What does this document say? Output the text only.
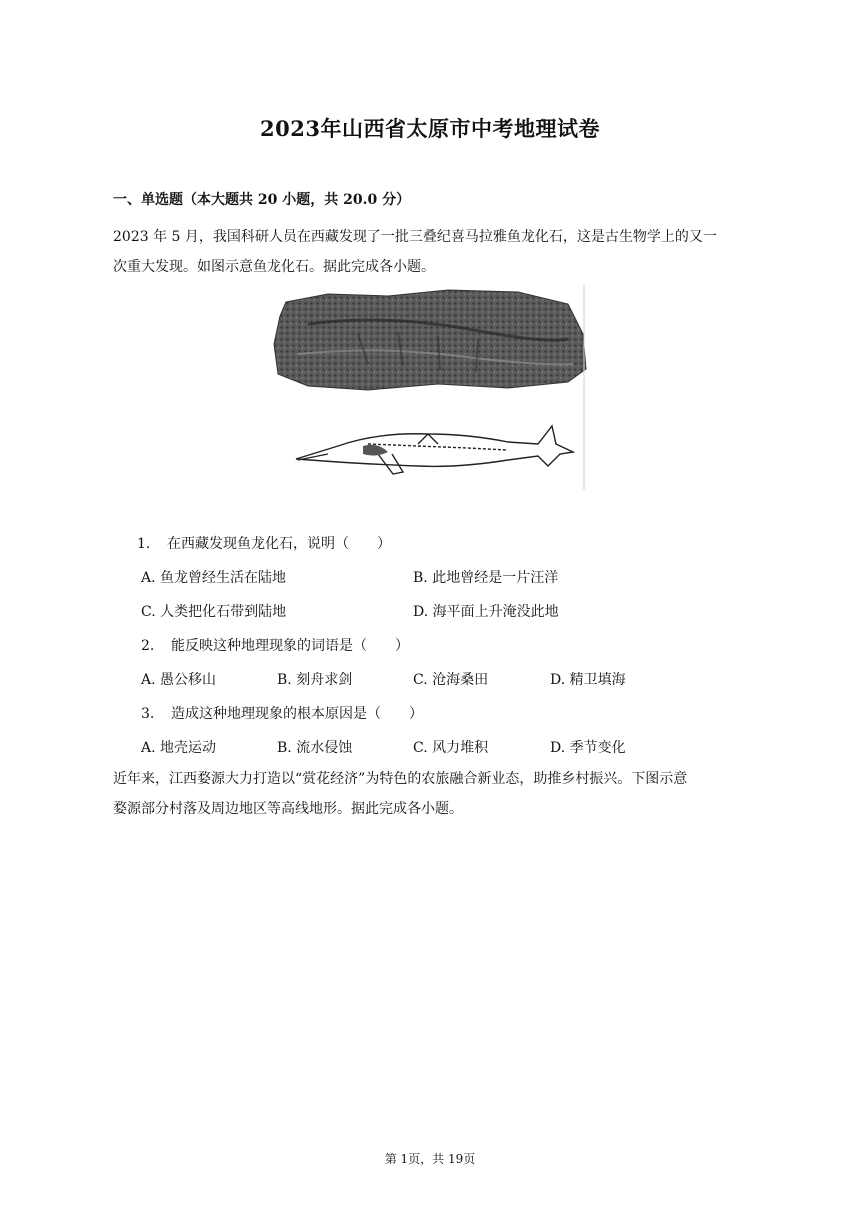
2023年山西省太原市中考地理试卷
一、单选题（本大题共 20 小题，共 20.0 分）
2023 年 5 月，我国科研人员在西藏发现了一批三叠纪喜马拉雅鱼龙化石，这是古生物学上的又一
次重大发现。如图示意鱼龙化石。据此完成各小题。
1. 在西藏发现鱼龙化石，说明（　　）
A. 鱼龙曾经生活在陆地	B. 此地曾经是一片汪洋
C. 人类把化石带到陆地	D. 海平面上升淹没此地
2. 能反映这种地理现象的词语是（　　）
A. 愚公移山	B. 刻舟求剑	C. 沧海桑田	D. 精卫填海
3. 造成这种地理现象的根本原因是（　　）
A. 地壳运动	B. 流水侵蚀	C. 风力堆积	D. 季节变化
近年来，江西婺源大力打造以“赏花经济”为特色的农旅融合新业态，助推乡村振兴。下图示意
婺源部分村落及周边地区等高线地形。据此完成各小题。
第 1页，共 19页
